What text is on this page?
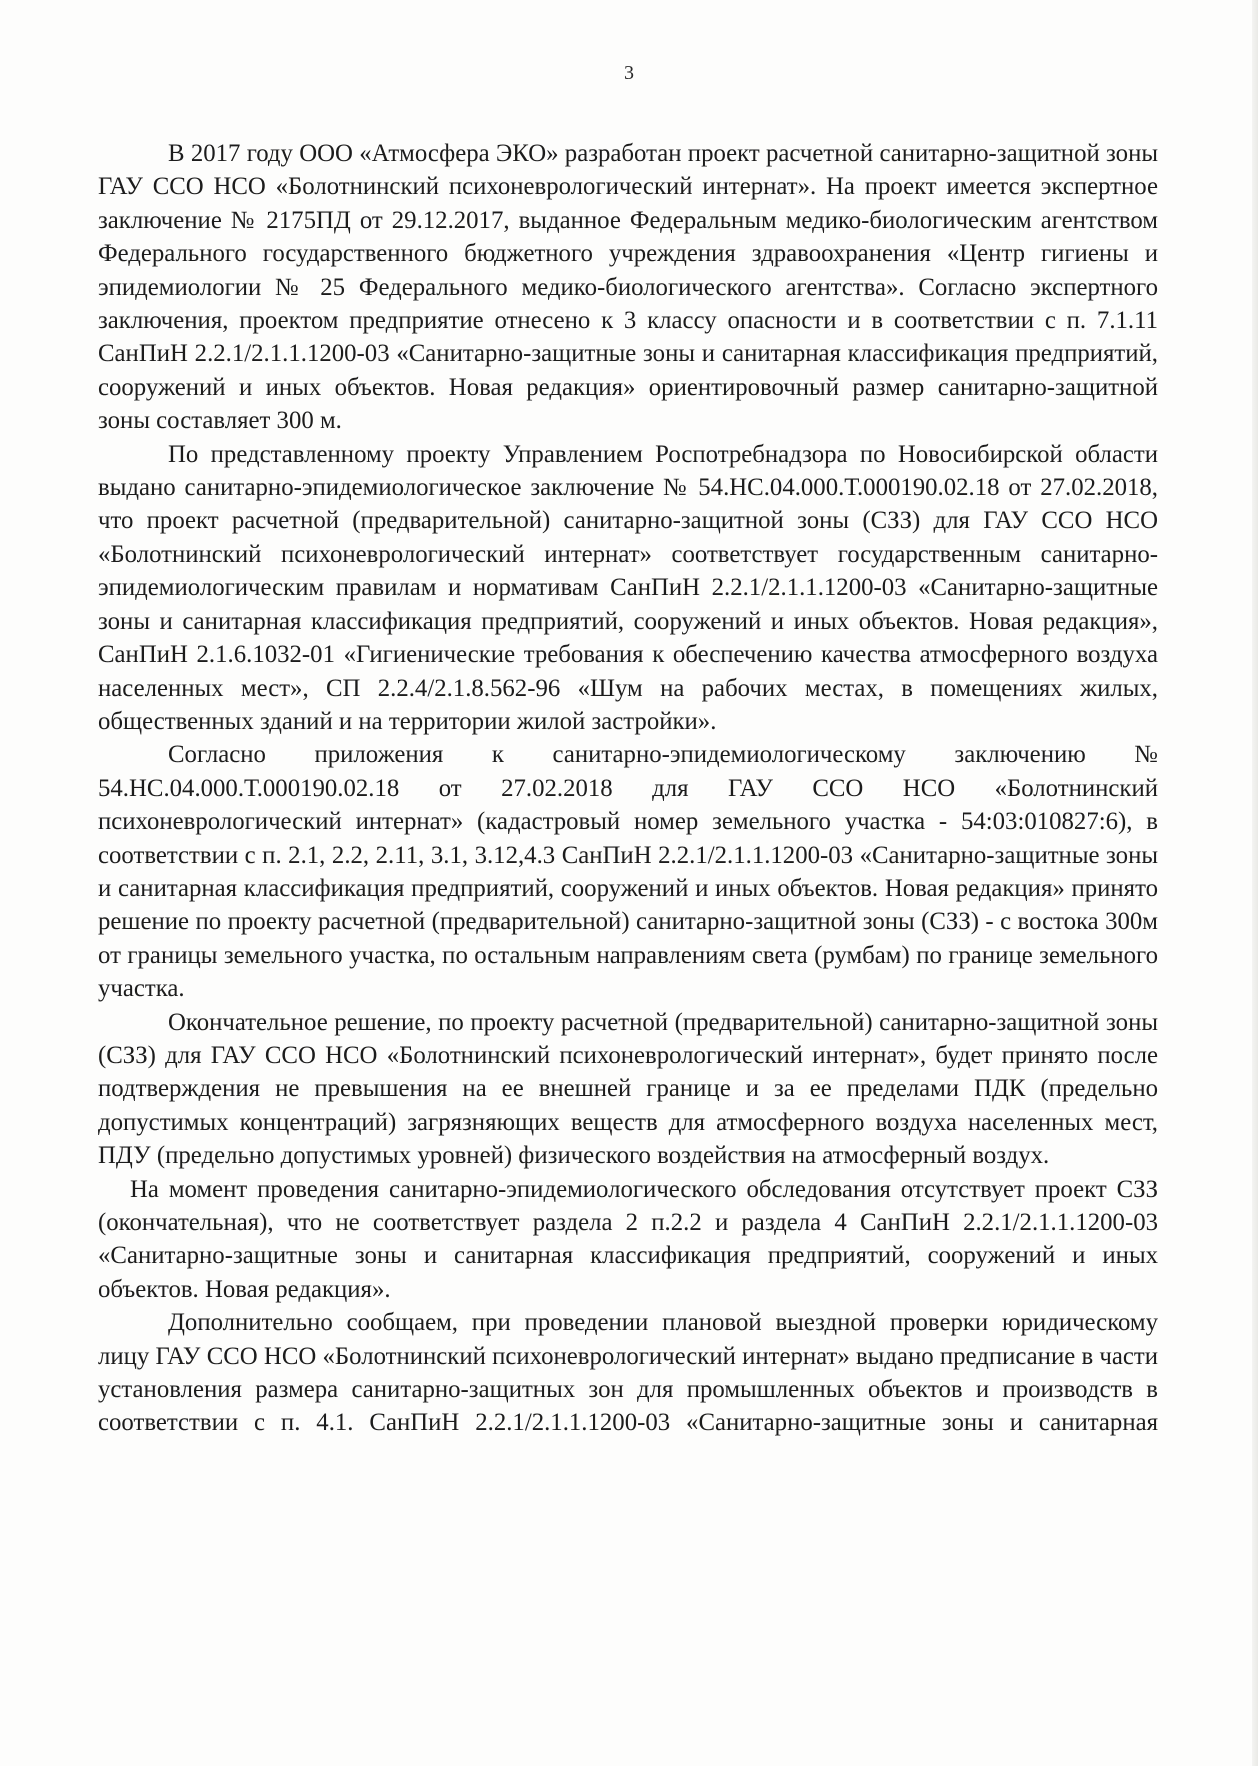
3

В 2017 году ООО «Атмосфера ЭКО» разработан проект расчетной санитарно-защитной зоны ГАУ ССО НСО «Болотнинский психоневрологический интернат». На проект имеется экспертное заключение № 2175ПД от 29.12.2017, выданное Федеральным медико-биологическим агентством Федерального государственного бюджетного учреждения здравоохранения «Центр гигиены и эпидемиологии № 25 Федерального медико-биологического агентства». Согласно экспертного заключения, проектом предприятие отнесено к 3 классу опасности и в соответствии с п. 7.1.11 СанПиН 2.2.1/2.1.1.1200-03 «Санитарно-защитные зоны и санитарная классификация предприятий, сооружений и иных объектов. Новая редакция» ориентировочный размер санитарно-защитной зоны составляет 300 м.

По представленному проекту Управлением Роспотребнадзора по Новосибирской области выдано санитарно-эпидемиологическое заключение № 54.НС.04.000.Т.000190.02.18 от 27.02.2018, что проект расчетной (предварительной) санитарно-защитной зоны (СЗЗ) для ГАУ ССО НСО «Болотнинский психоневрологический интернат» соответствует государственным санитарно-эпидемиологическим правилам и нормативам СанПиН 2.2.1/2.1.1.1200-03 «Санитарно-защитные зоны и санитарная классификация предприятий, сооружений и иных объектов. Новая редакция», СанПиН 2.1.6.1032-01 «Гигиенические требования к обеспечению качества атмосферного воздуха населенных мест», СП 2.2.4/2.1.8.562-96 «Шум на рабочих местах, в помещениях жилых, общественных зданий и на территории жилой застройки».

Согласно приложения к санитарно-эпидемиологическому заключению № 54.НС.04.000.Т.000190.02.18 от 27.02.2018 для ГАУ ССО НСО «Болотнинский психоневрологический интернат» (кадастровый номер земельного участка - 54:03:010827:6), в соответствии с п. 2.1, 2.2, 2.11, 3.1, 3.12,4.3 СанПиН 2.2.1/2.1.1.1200-03 «Санитарно-защитные зоны и санитарная классификация предприятий, сооружений и иных объектов. Новая редакция» принято решение по проекту расчетной (предварительной) санитарно-защитной зоны (СЗЗ) - с востока 300м от границы земельного участка, по остальным направлениям света (румбам) по границе земельного участка.

Окончательное решение, по проекту расчетной (предварительной) санитарно-защитной зоны (СЗЗ) для ГАУ ССО НСО «Болотнинский психоневрологический интернат», будет принято после подтверждения не превышения на ее внешней границе и за ее пределами ПДК (предельно допустимых концентраций) загрязняющих веществ для атмосферного воздуха населенных мест, ПДУ (предельно допустимых уровней) физического воздействия на атмосферный воздух.

На момент проведения санитарно-эпидемиологического обследования отсутствует проект СЗЗ (окончательная), что не соответствует раздела 2 п.2.2 и раздела 4 СанПиН 2.2.1/2.1.1.1200-03 «Санитарно-защитные зоны и санитарная классификация предприятий, сооружений и иных объектов. Новая редакция».

Дополнительно сообщаем, при проведении плановой выездной проверки юридическому лицу ГАУ ССО НСО «Болотнинский психоневрологический интернат» выдано предписание в части установления размера санитарно-защитных зон для промышленных объектов и производств в соответствии с п. 4.1. СанПиН 2.2.1/2.1.1.1200-03 «Санитарно-защитные зоны и санитарная
